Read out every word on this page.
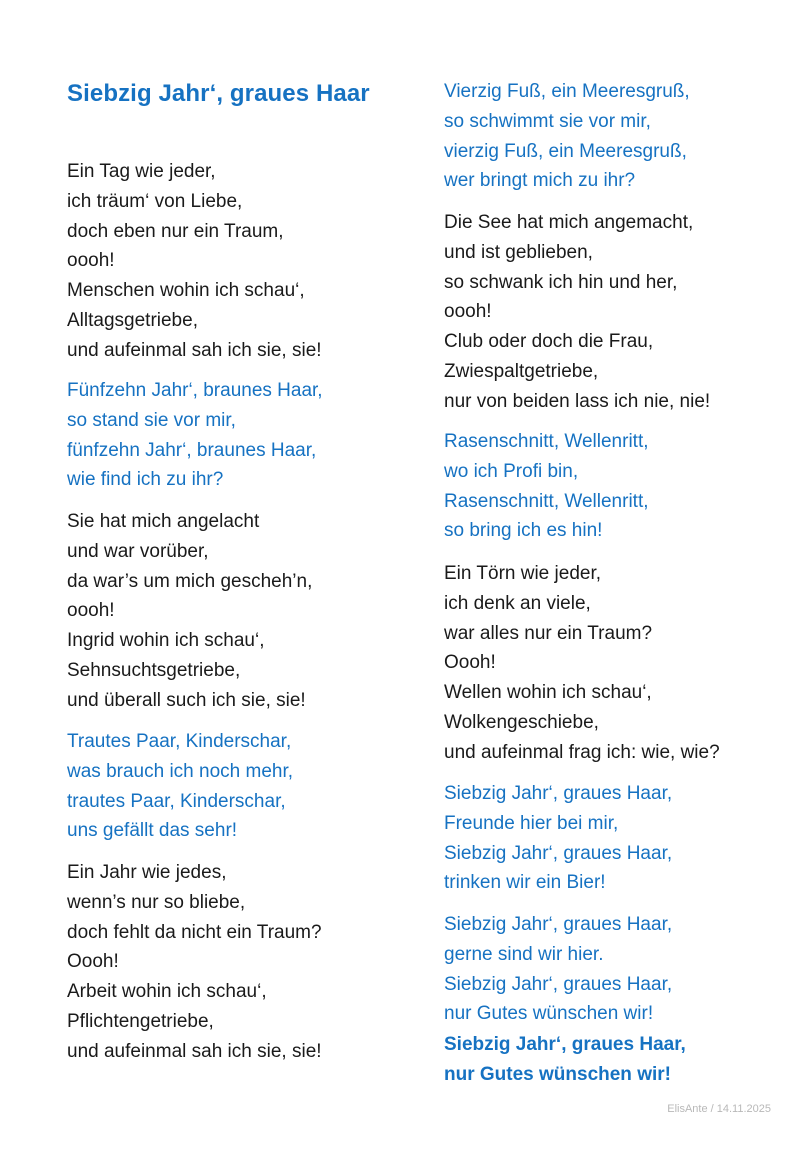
Siebzig Jahr‘, graues Haar
Ein Tag wie jeder,
ich träum‘ von Liebe,
doch eben nur ein Traum,
oooh!
Menschen wohin ich schau‘,
Alltagsgetriebe,
und aufeinmal sah ich sie, sie!
Fünfzehn Jahr‘, braunes Haar,
so stand sie vor mir,
fünfzehn Jahr‘, braunes Haar,
wie find ich zu ihr?
Sie hat mich angelacht
und war vorüber,
da war’s um mich gescheh’n,
oooh!
Ingrid wohin ich schau‘,
Sehnsuchtsgetriebe,
und überall such ich sie, sie!
Trautes Paar, Kinderschar,
was brauch ich noch mehr,
trautes Paar, Kinderschar,
uns gefällt das sehr!
Ein Jahr wie jedes,
wenn’s nur so bliebe,
doch fehlt da nicht ein Traum?
Oooh!
Arbeit wohin ich schau‘,
Pflichtengetriebe,
und aufeinmal sah ich sie, sie!
Vierzig Fuß, ein Meeresgruß,
so schwimmt sie vor mir,
vierzig Fuß, ein Meeresgruß,
wer bringt mich zu ihr?
Die See hat mich angemacht,
und ist geblieben,
so schwank ich hin und her,
oooh!
Club oder doch die Frau,
Zwiespaltgetriebe,
nur von beiden lass ich nie, nie!
Rasenschnitt, Wellenritt,
wo ich Profi bin,
Rasenschnitt, Wellenritt,
so bring ich es hin!
Ein Törn wie jeder,
ich denk an viele,
war alles nur ein Traum?
Oooh!
Wellen wohin ich schau‘,
Wolkengeschiebe,
und aufeinmal frag ich: wie, wie?
Siebzig Jahr‘, graues Haar,
Freunde hier bei mir,
Siebzig Jahr‘, graues Haar,
trinken wir ein Bier!
Siebzig Jahr‘, graues Haar,
gerne sind wir hier.
Siebzig Jahr‘, graues Haar,
nur Gutes wünschen wir!
Siebzig Jahr‘, graues Haar,
nur Gutes wünschen wir!
ElisAnte / 14.11.2025
